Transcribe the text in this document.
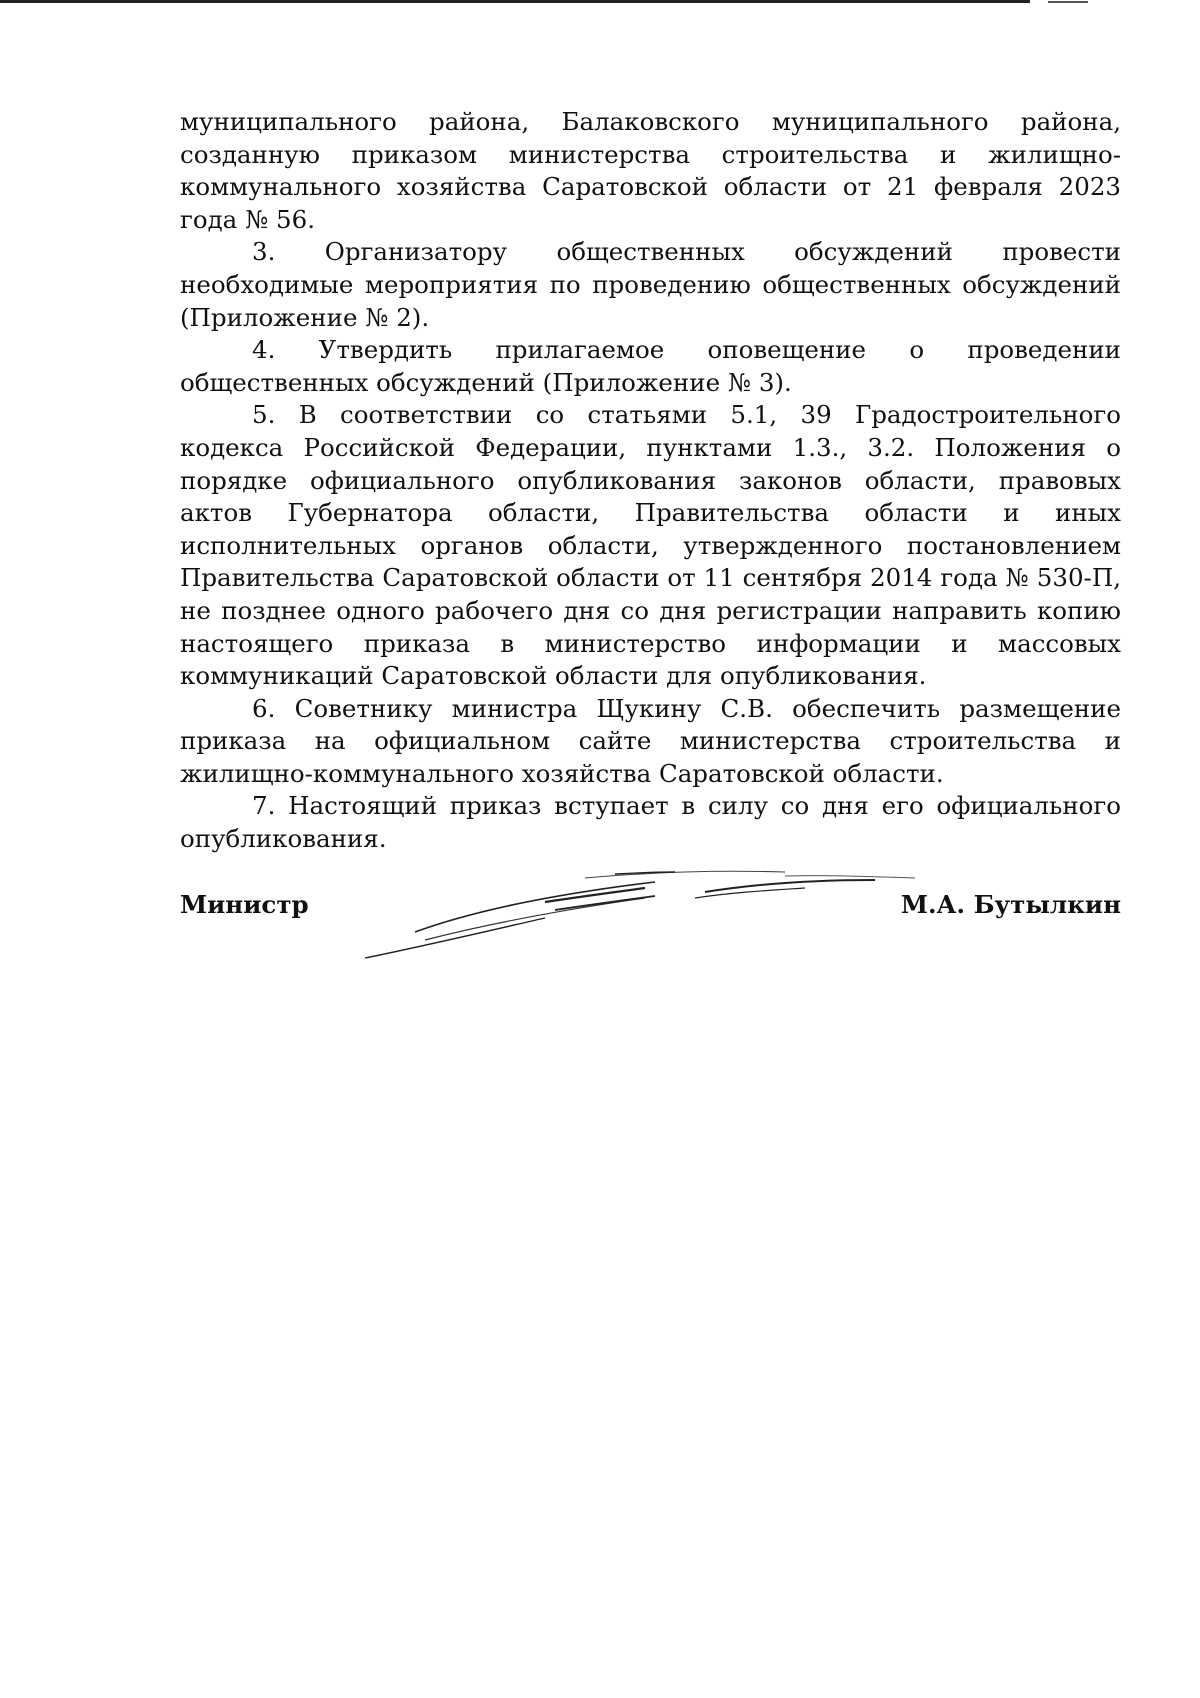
муниципального района, Балаковского муниципального района, созданную приказом министерства строительства и жилищно-коммунального хозяйства Саратовской области от 21 февраля 2023 года № 56.

3. Организатору общественных обсуждений провести необходимые мероприятия по проведению общественных обсуждений (Приложение № 2).

4. Утвердить прилагаемое оповещение о проведении общественных обсуждений (Приложение № 3).

5. В соответствии со статьями 5.1, 39 Градостроительного кодекса Российской Федерации, пунктами 1.3., 3.2. Положения о порядке официального опубликования законов области, правовых актов Губернатора области, Правительства области и иных исполнительных органов области, утвержденного постановлением Правительства Саратовской области от 11 сентября 2014 года № 530-П, не позднее одного рабочего дня со дня регистрации направить копию настоящего приказа в министерство информации и массовых коммуникаций Саратовской области для опубликования.

6. Советнику министра Щукину С.В. обеспечить размещение приказа на официальном сайте министерства строительства и жилищно-коммунального хозяйства Саратовской области.

7. Настоящий приказ вступает в силу со дня его официального опубликования.

Министр	М.А. Бутылкин
